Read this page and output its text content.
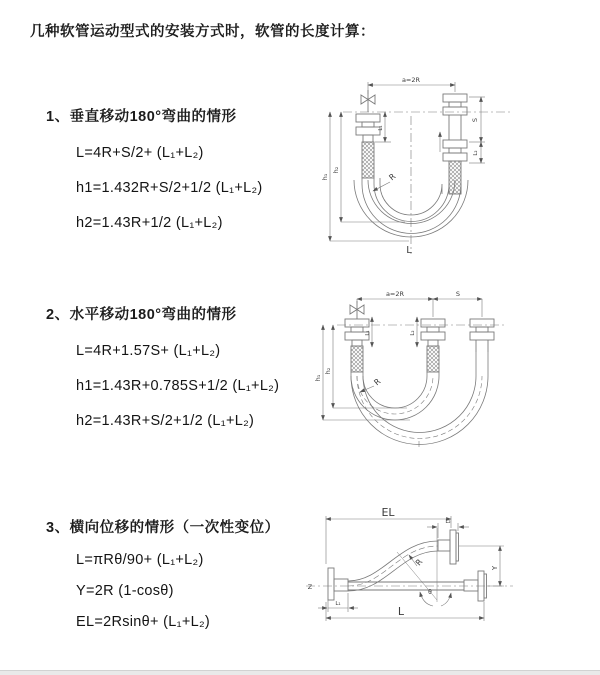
几种软管运动型式的安装方式时，软管的长度计算：
1、垂直移动180°弯曲的情形
L=4R+S/2+ (L₁+L₂)
h1=1.432R+S/2+1/2 (L₁+L₂)
h2=1.43R+1/2 (L₁+L₂)
2、水平移动180°弯曲的情形
L=4R+1.57S+ (L₁+L₂)
h1=1.43R+0.785S+1/2 (L₁+L₂)
h2=1.43R+S/2+1/2 (L₁+L₂)
3、横向位移的情形（一次性变位）
L=πRθ/90+ (L₁+L₂)
Y=2R (1-cosθ)
EL=2Rsinθ+ (L₁+L₂)
a=2R
h₁
h₂
L₁
S
L₂
R
L
a=2R	S
h₁
h₂
L₁	L₂
R
EL
L₂
Y
L
L₁
R
θ
Z
